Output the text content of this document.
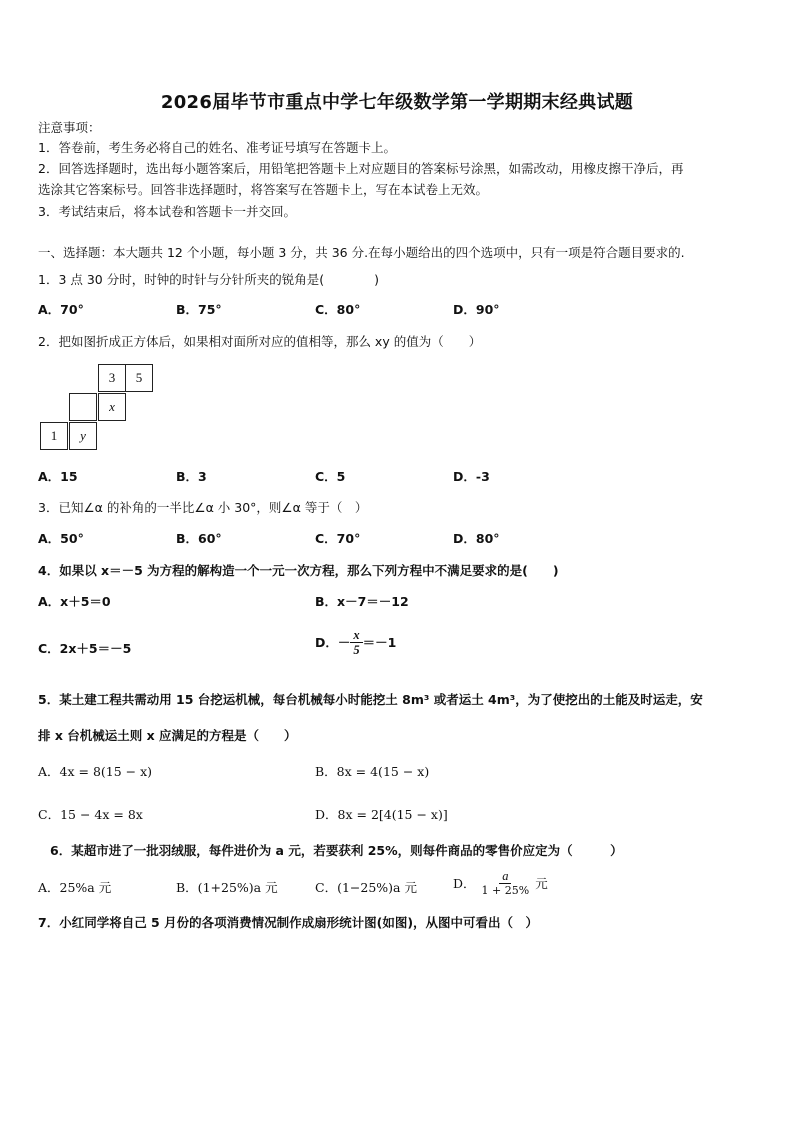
2026届毕节市重点中学七年级数学第一学期期末经典试题
注意事项：
1．答卷前，考生务必将自己的姓名、准考证号填写在答题卡上。
2．回答选择题时，选出每小题答案后，用铅笔把答题卡上对应题目的答案标号涂黑，如需改动，用橡皮擦干净后，再
选涂其它答案标号。回答非选择题时，将答案写在答题卡上，写在本试卷上无效。
3．考试结束后，将本试卷和答题卡一并交回。
一、选择题：本大题共 12 个小题，每小题 3 分，共 36 分.在每小题给出的四个选项中，只有一项是符合题目要求的.
1．3 点 30 分时，时钟的时针与分针所夹的锐角是(　　　　)
A．70°	B．75°	C．80°	D．90°
2．把如图折成正方体后，如果相对面所对应的值相等，那么 xy 的值为（　　）
3	5
x
1	y
A．15	B．3	C．5	D．-3
3．已知∠α 的补角的一半比∠α 小 30°，则∠α 等于（　）
A．50°	B．60°	C．70°	D．80°
4．如果以 x＝－5 为方程的解构造一个一元一次方程，那么下列方程中不满足要求的是(　　)
A．x＋5＝0	B．x－7＝－12
C．2x＋5＝－5	D． － $\frac{x}{5} =-1$
5．某土建工程共需动用 15 台挖运机械，每台机械每小时能挖土 8m³ 或者运土 4m³，为了使挖出的土能及时运走，安
排 x 台机械运土则 x 应满足的方程是（　　）
A．4x = 8(15 − x)	B．8x = 4(15 − x)
C．15 − 4x = 8x	D．8x = 2[4(15 − x)]
6．某超市进了一批羽绒服，每件进价为 a 元，若要获利 25%，则每件商品的零售价应定为（　　　）
A．25%a 元	B．(1+25%)a 元	C．(1−25%)a 元	D． $\frac{a}{1 + 25\%}$ 元
7．小红同学将自己 5 月份的各项消费情况制作成扇形统计图(如图)，从图中可看出（　）
